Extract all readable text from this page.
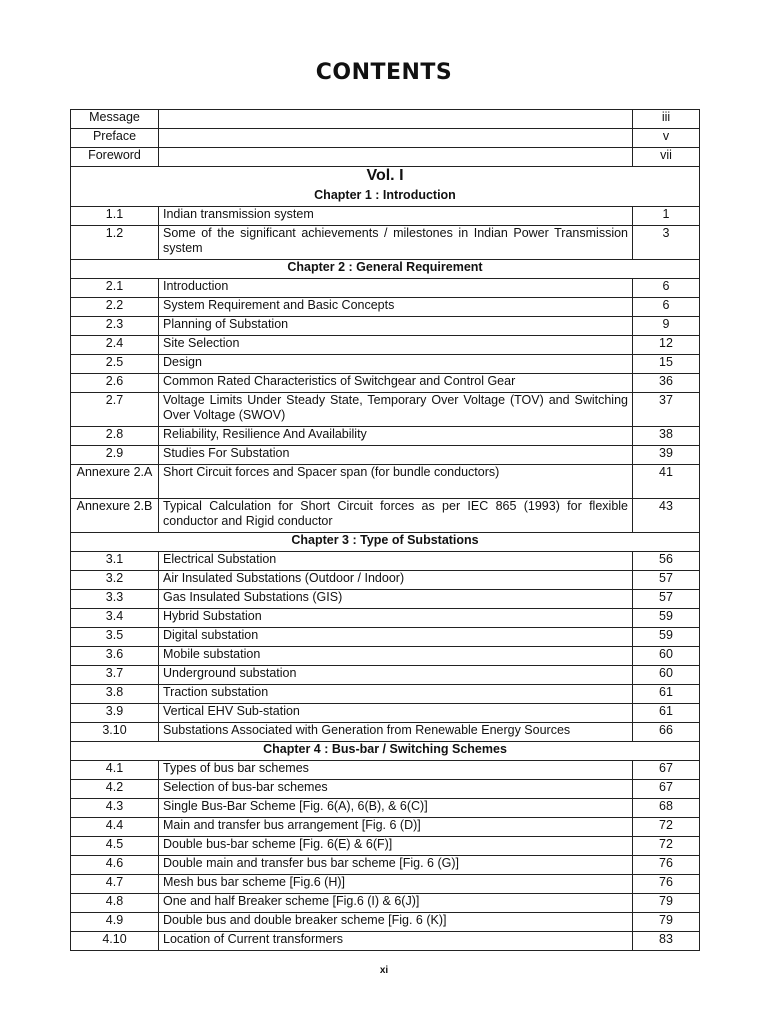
CONTENTS
Message		iii
Preface		v
Foreword		vii
Vol. I		
Chapter 1 : Introduction		
1.1	Indian transmission system	1
1.2	Some of the significant achievements / milestones in Indian Power Transmission system	3
Chapter 2 : General Requirement		
2.1	Introduction	6
2.2	System Requirement and Basic Concepts	6
2.3	Planning of Substation	9
2.4	Site Selection	12
2.5	Design	15
2.6	Common Rated Characteristics of Switchgear and Control Gear	36
2.7	Voltage Limits Under Steady State, Temporary Over Voltage (TOV) and Switching Over Voltage (SWOV)	37
2.8	Reliability, Resilience And Availability	38
2.9	Studies For Substation	39
Annexure 2.A	Short Circuit forces and Spacer span (for bundle conductors)	41
Annexure 2.B	Typical Calculation for Short Circuit forces as per IEC 865 (1993) for flexible conductor and Rigid conductor	43
Chapter 3 : Type of Substations		
3.1	Electrical Substation	56
3.2	Air Insulated Substations (Outdoor / Indoor)	57
3.3	Gas Insulated Substations (GIS)	57
3.4	Hybrid Substation	59
3.5	Digital substation	59
3.6	Mobile substation	60
3.7	Underground substation	60
3.8	Traction substation	61
3.9	Vertical EHV Sub-station	61
3.10	Substations Associated with Generation from Renewable Energy Sources	66
Chapter 4 : Bus-bar / Switching Schemes		
4.1	Types of bus bar schemes	67
4.2	Selection of bus-bar schemes	67
4.3	Single Bus-Bar Scheme [Fig. 6(A), 6(B), & 6(C)]	68
4.4	Main and transfer bus arrangement [Fig. 6 (D)]	72
4.5	Double bus-bar scheme [Fig. 6(E) & 6(F)]	72
4.6	Double main and transfer bus bar scheme [Fig. 6 (G)]	76
4.7	Mesh bus bar scheme [Fig.6 (H)]	76
4.8	One and half Breaker scheme [Fig.6 (I) & 6(J)]	79
4.9	Double bus and double breaker scheme [Fig. 6 (K)]	79
4.10	Location of Current transformers	83
xi
